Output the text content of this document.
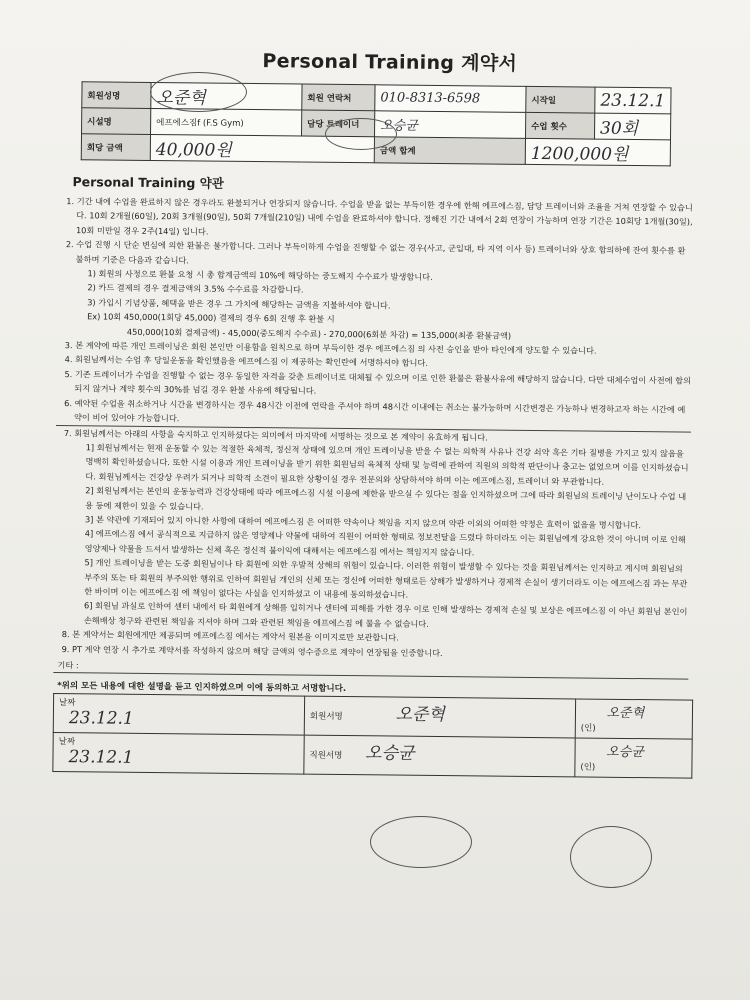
Personal Training 계약서
회원성명	오준혁	회원 연락처	010-8313-6598	시작일	23.12.1
시설명	에프에스짐f (F.S Gym)	담당 트레이너	오승균	수업 횟수	30회
회당 금액	40,000원		금액 합계	1200,000원	
Personal Training 약관

1. 기간 내에 수업을 완료하지 않은 경우라도 환불되거나 연장되지 않습니다. 수업을 받을 없는 부득이한 경우에 한해 에프에스짐, 담당 트레이너와 조율을 거쳐 연장할 수 있습니다. 10회 2개월(60일), 20회 3개월(90일), 50회 7개월(210일) 내에 수업을 완료하셔야 합니다. 정해진 기간 내에서 2회 연장이 가능하며 연장 기간은 10회당 1개월(30일), 10회 미만일 경우 2주(14일) 입니다.

2. 수업 진행 시 단순 변심에 의한 환불은 불가합니다. 그러나 부득이하게 수업을 진행할 수 없는 경우(사고, 군입대, 타 지역 이사 등) 트레이너와 상호 합의하에 잔여 횟수를 환불하며 기준은 다음과 같습니다.

1) 회원의 사정으로 환불 요청 시 총 합계금액의 10%에 해당하는 중도해지 수수료가 발생합니다.

2) 카드 결제의 경우 결제금액의 3.5% 수수료를 차감합니다.

3) 가입시 기념상품, 혜택을 받은 경우 그 가치에 해당하는 금액을 지불하셔야 합니다.

Ex) 10회 450,000(1회당 45,000) 결제의 경우 6회 진행 후 환불 시

450,000(10회 결제금액) - 45,000(중도해지 수수료) - 270,000(6회분 차감) = 135,000(최종 환불금액)

3. 본 계약에 따른 개인 트레이닝은 회원 본인만 이용함을 원칙으로 하며 부득이한 경우 에프에스짐 의 사전 승인을 받아 타인에게 양도할 수 있습니다.

4. 회원님께서는 수업 후 당일운동을 확인했음을 에프에스짐 이 제공하는 확인란에 서명하셔야 합니다.

5. 기존 트레이너가 수업을 진행할 수 없는 경우 동일한 자격을 갖춘 트레이너로 대체될 수 있으며 이로 인한 환불은 환불사유에 해당하지 않습니다. 다만 대체수업이 사전에 합의되지 않거나 계약 횟수의 30%를 넘길 경우 환불 사유에 해당됩니다.

6. 예약된 수업을 취소하거나 시간을 변경하시는 경우 48시간 이전에 연락을 주셔야 하며 48시간 이내에는 취소는 불가능하며 시간변경은 가능하나 변경하고자 하는 시간에 예약이 비어 있어야 가능합니다.

7. 회원님께서는 아래의 사항을 숙지하고 인지하셨다는 의미에서 마지막에 서명하는 것으로 본 계약이 유효하게 됩니다.

1] 회원님께서는 현재 운동할 수 있는 적절한 육체적, 정신적 상태에 있으며 개인 트레이닝을 받을 수 없는 의학적 사유나 건강 쇠약 혹은 기타 질병을 가지고 있지 않음을 명백히 확인하셨습니다. 또한 시설 이용과 개인 트레이닝을 받기 위한 회원님의 육체적 상태 및 능력에 관하여 직원의 의학적 판단이나 충고는 없었으며 이를 인지하셨습니다. 회원님께서는 건강상 우려가 되거나 의학적 소견이 필요한 상황이실 경우 전문의와 상담하셔야 하며 이는 에프에스짐, 트레이너 와 무관합니다.

2] 회원님께서는 본인의 운동능력과 건강상태에 따라 에프에스짐 시설 이용에 제한을 받으실 수 있다는 점을 인지하셨으며 그에 따라 회원님의 트레이닝 난이도나 수업 내용 등에 제한이 있을 수 있습니다.

3] 본 약관에 기재되어 있지 아니한 사항에 대하여 에프에스짐 은 어떠한 약속이나 책임을 지지 않으며 약관 이외의 어떠한 약정은 효력이 없음을 명시합니다.

4] 에프에스짐 에서 공식적으로 지급하지 않은 영양제나 약물에 대하여 직원이 어떠한 형태로 정보전달을 드렸다 하더라도 이는 회원님에게 강요한 것이 아니며 이로 인해 영양제나 약물을 드셔서 발생하는 신체 혹은 정신적 불이익에 대해서는 에프에스짐 에서는 책임지지 않습니다.

5] 개인 트레이닝을 받는 도중 회원님이나 타 회원에 의한 우발적 상해의 위험이 있습니다. 이러한 위험이 발생할 수 있다는 것을 회원님께서는 인지하고 계시며 회원님의 부주의 또는 타 회원의 부주의한 행위로 인하여 회원님 개인의 신체 또는 정신에 어떠한 형태로든 상해가 발생하거나 경제적 손실이 생기더라도 이는 에프에스짐 과는 무관한 바이며 이는 에프에스짐 에 책임이 없다는 사실을 인지하셨고 이 내용에 동의하셨습니다.

6] 회원님 과실로 인하여 센터 내에서 타 회원에게 상해를 입히거나 센터에 피해를 가한 경우 이로 인해 발생하는 경제적 손실 및 보상은 에프에스짐 이 아닌 회원님 본인이 손해배상 청구와 관련된 책임을 지셔야 하며 그와 관련된 책임을 에프에스짐 에 물을 수 없습니다.

8. 본 계약서는 회원에게만 제공되며 에프에스짐 에서는 계약서 원본을 이미지로만 보관합니다.

9. PT 계약 연장 시 추가로 계약서를 작성하지 않으며 해당 금액의 영수증으로 계약이 연장됨을 인증합니다.

기타 :

*위의 모든 내용에 대한 설명을 듣고 인지하였으며 이에 동의하고 서명합니다.
날짜
23.12.1	회원서명 오준혁	(인) 오준혁

날짜
23.12.1	직원서명 오승균	(인) 오승균
